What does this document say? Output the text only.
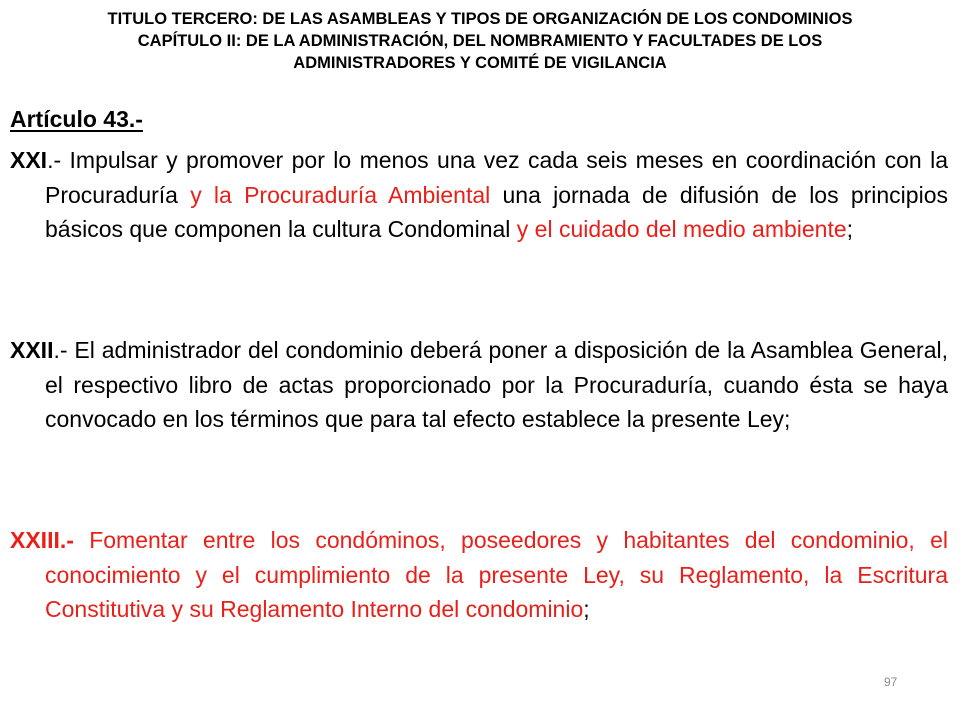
TITULO TERCERO: DE LAS ASAMBLEAS Y TIPOS DE ORGANIZACIÓN DE LOS CONDOMINIOS
CAPÍTULO II: DE LA ADMINISTRACIÓN, DEL NOMBRAMIENTO Y FACULTADES DE LOS
ADMINISTRADORES Y COMITÉ DE VIGILANCIA
Artículo 43.-
XXI.- Impulsar y promover por lo menos una vez cada seis meses en coordinación con la Procuraduría y la Procuraduría Ambiental una jornada de difusión de los principios básicos que componen la cultura Condominal y el cuidado del medio ambiente;
XXII.- El administrador del condominio deberá poner a disposición de la Asamblea General, el respectivo libro de actas proporcionado por la Procuraduría, cuando ésta se haya convocado en los términos que para tal efecto establece la presente Ley;
XXIII.- Fomentar entre los condóminos, poseedores y habitantes del condominio, el conocimiento y el cumplimiento de la presente Ley, su Reglamento, la Escritura Constitutiva y su Reglamento Interno del condominio;
97
